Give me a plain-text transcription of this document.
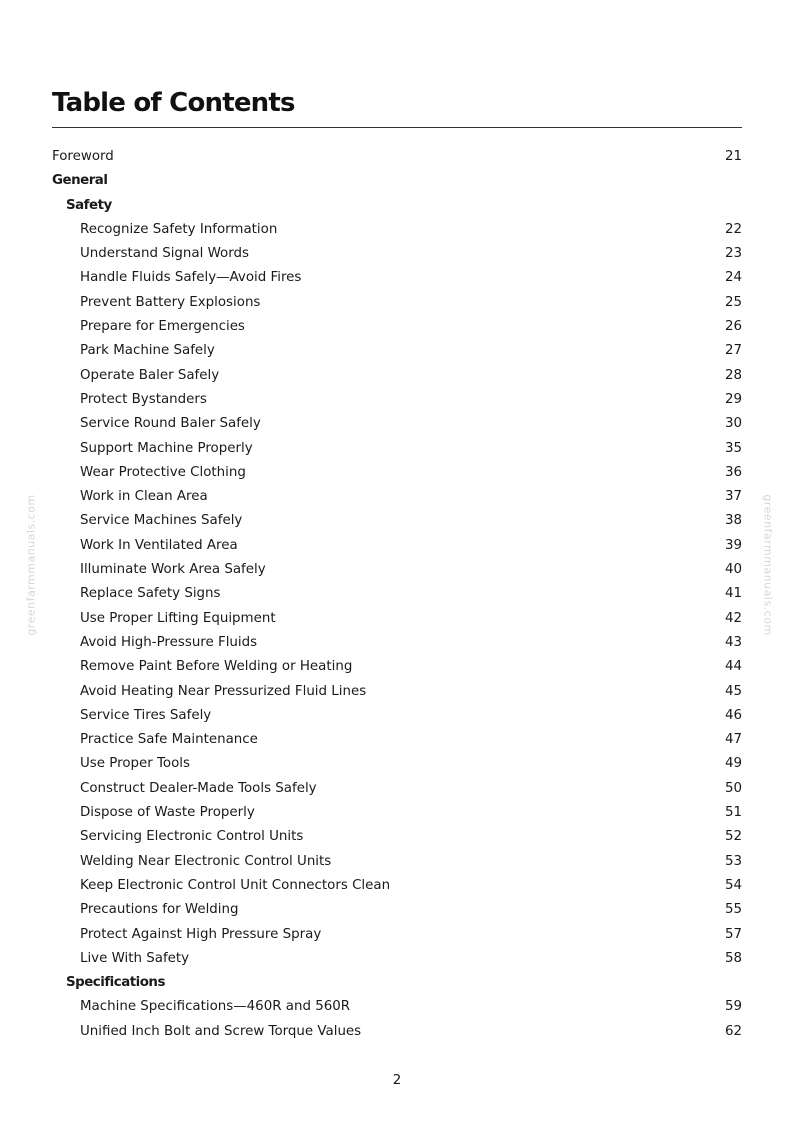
Table of Contents
Foreword	21
General
Safety
Recognize Safety Information	22
Understand Signal Words	23
Handle Fluids Safely—Avoid Fires	24
Prevent Battery Explosions	25
Prepare for Emergencies	26
Park Machine Safely	27
Operate Baler Safely	28
Protect Bystanders	29
Service Round Baler Safely	30
Support Machine Properly	35
Wear Protective Clothing	36
Work in Clean Area	37
Service Machines Safely	38
Work In Ventilated Area	39
Illuminate Work Area Safely	40
Replace Safety Signs	41
Use Proper Lifting Equipment	42
Avoid High-Pressure Fluids	43
Remove Paint Before Welding or Heating	44
Avoid Heating Near Pressurized Fluid Lines	45
Service Tires Safely	46
Practice Safe Maintenance	47
Use Proper Tools	49
Construct Dealer-Made Tools Safely	50
Dispose of Waste Properly	51
Servicing Electronic Control Units	52
Welding Near Electronic Control Units	53
Keep Electronic Control Unit Connectors Clean	54
Precautions for Welding	55
Protect Against High Pressure Spray	57
Live With Safety	58
Specifications
Machine Specifications—460R and 560R	59
Unified Inch Bolt and Screw Torque Values	62
greenfarmmanuals.com	greenfarmmanuals.com
2
